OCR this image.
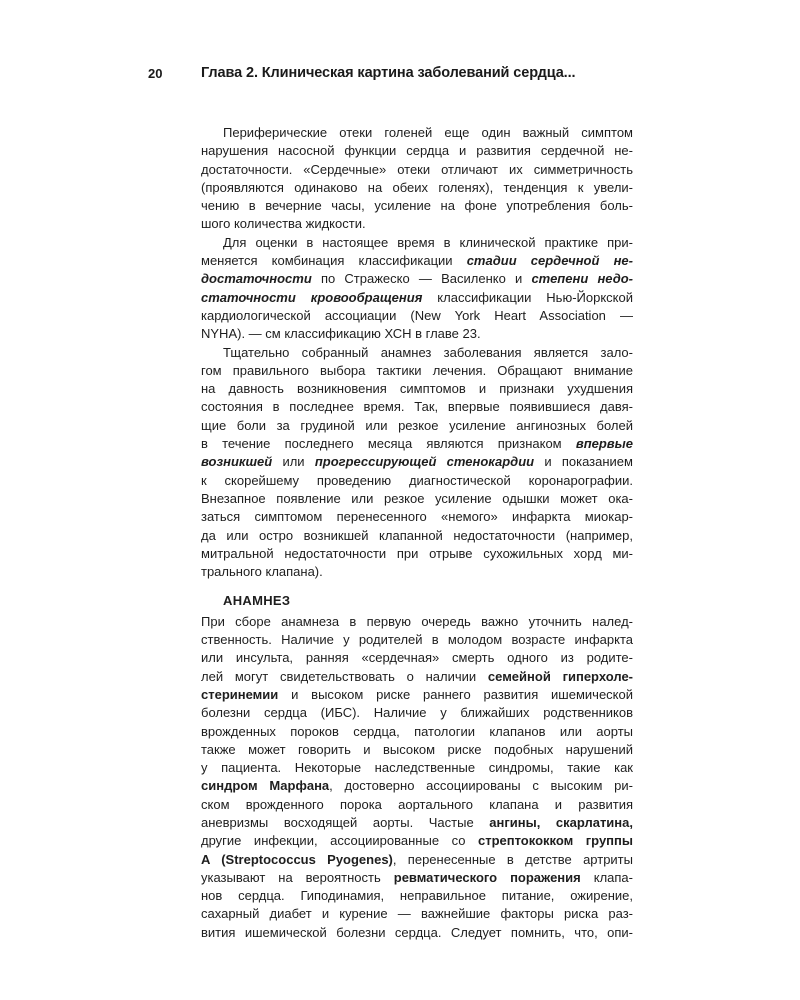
20	Глава 2. Клиническая картина заболеваний сердца...
Периферические отеки голеней еще один важный симптом
нарушения насосной функции сердца и развития сердечной не-
достаточности. «Сердечные» отеки отличают их симметричность
(проявляются одинаково на обеих голенях), тенденция к увели-
чению в вечерние часы, усиление на фоне употребления боль-
шого количества жидкости.
Для оценки в настоящее время в клинической практике при-
меняется комбинация классификации стадии сердечной не-
достаточности по Стражеско — Василенко и степени недо-
статочности кровообращения классификации Нью-Йоркской
кардиологической ассоциации (New York Heart Association —
NYHA). — см классификацию ХСН в главе 23.
Тщательно собранный анамнез заболевания является зало-
гом правильного выбора тактики лечения. Обращают внимание
на давность возникновения симптомов и признаки ухудшения
состояния в последнее время. Так, впервые появившиеся давя-
щие боли за грудиной или резкое усиление ангинозных болей
в течение последнего месяца являются признаком впервые
возникшей или прогрессирующей стенокардии и показанием
к скорейшему проведению диагностической коронарографии.
Внезапное появление или резкое усиление одышки может ока-
заться симптомом перенесенного «немого» инфаркта миокар-
да или остро возникшей клапанной недостаточности (например,
митральной недостаточности при отрыве сухожильных хорд ми-
трального клапана).
АНАМНЕЗ
При сборе анамнеза в первую очередь важно уточнить налед-
ственность. Наличие у родителей в молодом возрасте инфаркта
или инсульта, ранняя «сердечная» смерть одного из родите-
лей могут свидетельствовать о наличии семейной гиперхоле-
стеринемии и высоком риске раннего развития ишемической
болезни сердца (ИБС). Наличие у ближайших родственников
врожденных пороков сердца, патологии клапанов или аорты
также может говорить и высоком риске подобных нарушений
у пациента. Некоторые наследственные синдромы, такие как
синдром Марфана, достоверно ассоциированы с высоким ри-
ском врожденного порока аортального клапана и развития
аневризмы восходящей аорты. Частые ангины, скарлатина,
другие инфекции, ассоциированные со стрептококком группы
A (Streptococcus Pyogenes), перенесенные в детстве артриты
указывают на вероятность ревматического поражения клапа-
нов сердца. Гиподинамия, неправильное питание, ожирение,
сахарный диабет и курение — важнейшие факторы риска раз-
вития ишемической болезни сердца. Следует помнить, что, опи-
